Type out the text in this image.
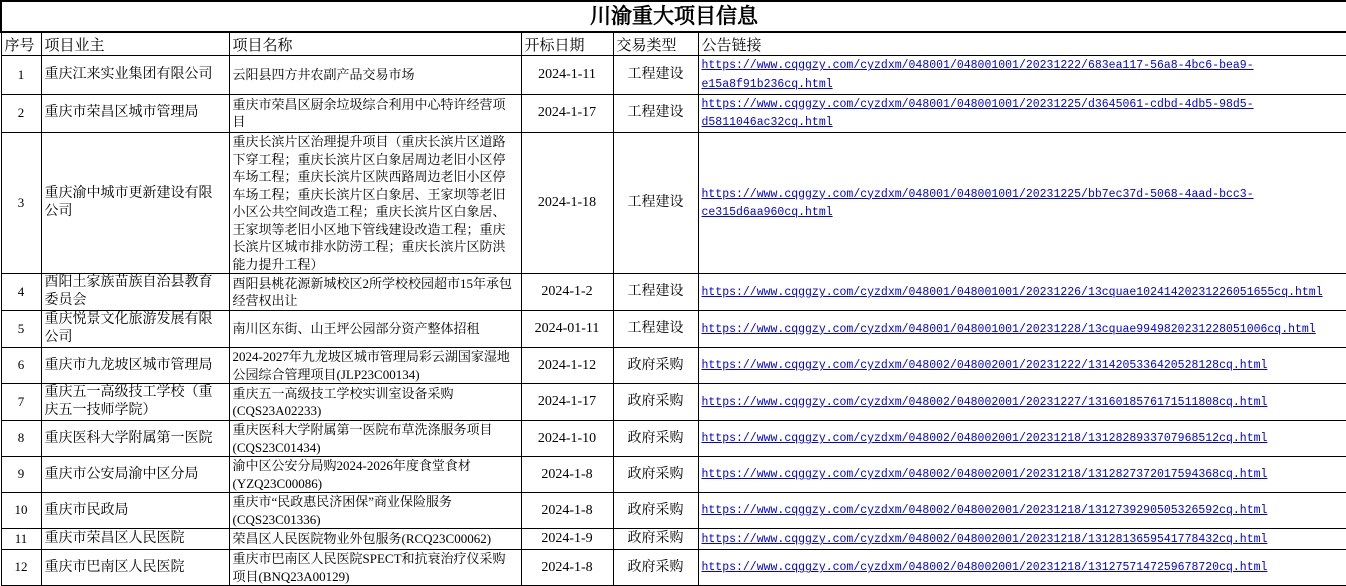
川渝重大项目信息					
序号	项目业主	项目名称	开标日期	交易类型	公告链接
1	重庆江来实业集团有限公司	云阳县四方井农副产品交易市场	2024-1-11	工程建设	https://www.cqggzy.com/cyzdxm/048001/048001001/20231222/683ea117-56a8-4bc6-bea9-e15a8f91b236cq.html
2	重庆市荣昌区城市管理局	重庆市荣昌区厨余垃圾综合利用中心特许经营项目	2024-1-17	工程建设	https://www.cqggzy.com/cyzdxm/048001/048001001/20231225/d3645061-cdbd-4db5-98d5-d5811046ac32cq.html
3	重庆渝中城市更新建设有限公司	重庆长滨片区治理提升项目（重庆长滨片区道路下穿工程；重庆长滨片区白象居周边老旧小区停车场工程；重庆长滨片区陕西路周边老旧小区停车场工程；重庆长滨片区白象居、王家坝等老旧小区公共空间改造工程；重庆长滨片区白象居、王家坝等老旧小区地下管线建设改造工程；重庆长滨片区城市排水防涝工程；重庆长滨片区防洪能力提升工程）	2024-1-18	工程建设	https://www.cqggzy.com/cyzdxm/048001/048001001/20231225/bb7ec37d-5068-4aad-bcc3-ce315d6aa960cq.html
4	酉阳土家族苗族自治县教育委员会	酉阳县桃花源新城校区2所学校校园超市15年承包经营权出让	2024-1-2	工程建设	https://www.cqggzy.com/cyzdxm/048001/048001001/20231226/13cquae10241420231226051655cq.html
5	重庆悦景文化旅游发展有限公司	南川区东街、山王坪公园部分资产整体招租	2024-01-11	工程建设	https://www.cqggzy.com/cyzdxm/048001/048001001/20231228/13cquae9949820231228051006cq.html
6	重庆市九龙坡区城市管理局	2024-2027年九龙坡区城市管理局彩云湖国家湿地公园综合管理项目(JLP23C00134)	2024-1-12	政府采购	https://www.cqggzy.com/cyzdxm/048002/048002001/20231222/1314205336420528128cq.html
7	重庆五一高级技工学校（重庆五一技师学院）	重庆五一高级技工学校实训室设备采购(CQS23A02233)	2024-1-17	政府采购	https://www.cqggzy.com/cyzdxm/048002/048002001/20231227/1316018576171511808cq.html
8	重庆医科大学附属第一医院	重庆医科大学附属第一医院布草洗涤服务项目(CQS23C01434)	2024-1-10	政府采购	https://www.cqggzy.com/cyzdxm/048002/048002001/20231218/1312828933707968512cq.html
9	重庆市公安局渝中区分局	渝中区公安分局购2024-2026年度食堂食材(YZQ23C00086)	2024-1-8	政府采购	https://www.cqggzy.com/cyzdxm/048002/048002001/20231218/1312827372017594368cq.html
10	重庆市民政局	重庆市“民政惠民济困保”商业保险服务(CQS23C01336)	2024-1-8	政府采购	https://www.cqggzy.com/cyzdxm/048002/048002001/20231218/1312739290505326592cq.html
11	重庆市荣昌区人民医院	荣昌区人民医院物业外包服务(RCQ23C00062)	2024-1-9	政府采购	https://www.cqggzy.com/cyzdxm/048002/048002001/20231218/1312813659541778432cq.html
12	重庆市巴南区人民医院	重庆市巴南区人民医院SPECT和抗衰治疗仪采购项目(BNQ23A00129)	2024-1-8	政府采购	https://www.cqggzy.com/cyzdxm/048002/048002001/20231218/1312757147259678720cq.html
